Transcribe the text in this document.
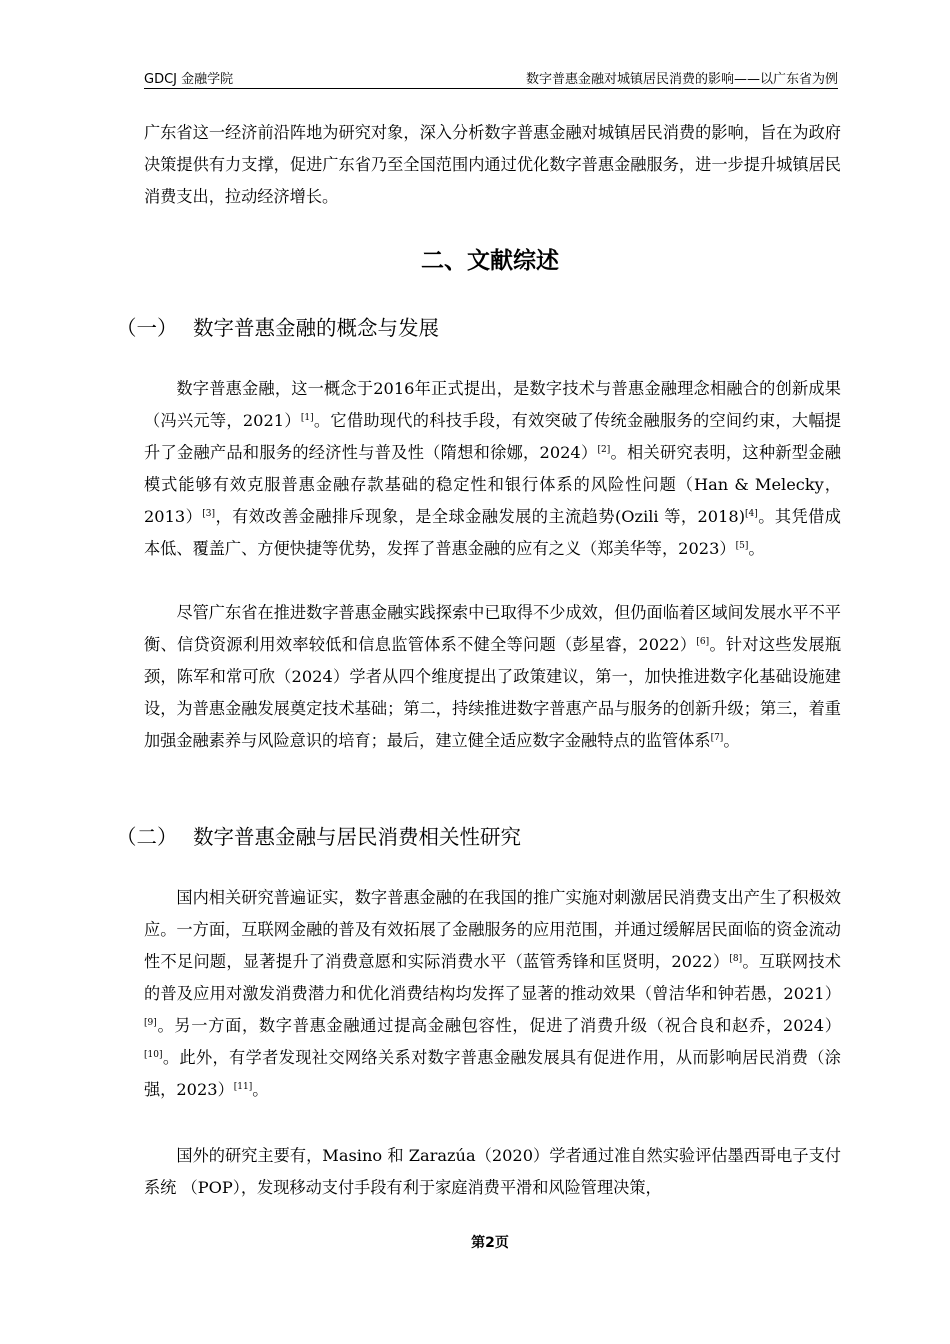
GDCJ 金融学院	数字普惠金融对城镇居民消费的影响——以广东省为例

广东省这一经济前沿阵地为研究对象，深入分析数字普惠金融对城镇居民消费的影响，旨在为政府决策提供有力支撑，促进广东省乃至全国范围内通过优化数字普惠金融服务，进一步提升城镇居民消费支出，拉动经济增长。

二、文献综述
（一） 数字普惠金融的概念与发展

数字普惠金融，这一概念于2016年正式提出，是数字技术与普惠金融理念相融合的创新成果（冯兴元等，2021）[1]。它借助现代的科技手段，有效突破了传统金融服务的空间约束，大幅提升了金融产品和服务的经济性与普及性（隋想和徐娜，2024）[2]。相关研究表明，这种新型金融模式能够有效克服普惠金融存款基础的稳定性和银行体系的风险性问题（Han & Melecky，2013）[3]，有效改善金融排斥现象，是全球金融发展的主流趋势(Ozili 等，2018)[4]。其凭借成本低、覆盖广、方便快捷等优势，发挥了普惠金融的应有之义（郑美华等，2023）[5]。

尽管广东省在推进数字普惠金融实践探索中已取得不少成效，但仍面临着区域间发展水平不平衡、信贷资源利用效率较低和信息监管体系不健全等问题（彭星睿，2022）[6]。针对这些发展瓶颈，陈军和常可欣（2024）学者从四个维度提出了政策建议，第一，加快推进数字化基础设施建设，为普惠金融发展奠定技术基础；第二，持续推进数字普惠产品与服务的创新升级；第三，着重加强金融素养与风险意识的培育；最后，建立健全适应数字金融特点的监管体系[7]。

（二） 数字普惠金融与居民消费相关性研究

国内相关研究普遍证实，数字普惠金融的在我国的推广实施对刺激居民消费支出产生了积极效应。一方面，互联网金融的普及有效拓展了金融服务的应用范围，并通过缓解居民面临的资金流动性不足问题，显著提升了消费意愿和实际消费水平（蓝管秀锋和匡贤明，2022）[8]。互联网技术的普及应用对激发消费潜力和优化消费结构均发挥了显著的推动效果（曾洁华和钟若愚，2021）[9]。另一方面，数字普惠金融通过提高金融包容性，促进了消费升级（祝合良和赵乔，2024）[10]。此外，有学者发现社交网络关系对数字普惠金融发展具有促进作用，从而影响居民消费（涂强，2023）[11]。

国外的研究主要有，Masino 和 Zarazúa（2020）学者通过准自然实验评估墨西哥电子支付系统 （POP），发现移动支付手段有利于家庭消费平滑和风险管理决策，

第2页
